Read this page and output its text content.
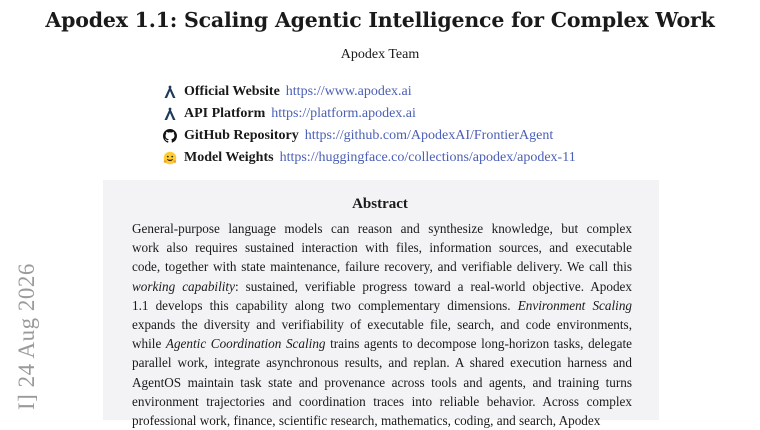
Apodex 1.1: Scaling Agentic Intelligence for Complex Work
Apodex Team
Official Website https://www.apodex.ai
API Platform https://platform.apodex.ai
GitHub Repository https://github.com/ApodexAI/FrontierAgent
Model Weights https://huggingface.co/collections/apodex/apodex-11
Abstract
General-purpose language models can reason and synthesize knowledge, but complex
work also requires sustained interaction with files, information sources, and executable
code, together with state maintenance, failure recovery, and verifiable delivery. We call this
working capability: sustained, verifiable progress toward a real-world objective. Apodex
1.1 develops this capability along two complementary dimensions. Environment Scaling
expands the diversity and verifiability of executable file, search, and code environments,
while Agentic Coordination Scaling trains agents to decompose long-horizon tasks, delegate
parallel work, integrate asynchronous results, and replan. A shared execution harness and
AgentOS maintain task state and provenance across tools and agents, and training turns
environment trajectories and coordination traces into reliable behavior. Across complex
professional work, finance, scientific research, mathematics, coding, and search, Apodex
I] 24 Aug 2026
